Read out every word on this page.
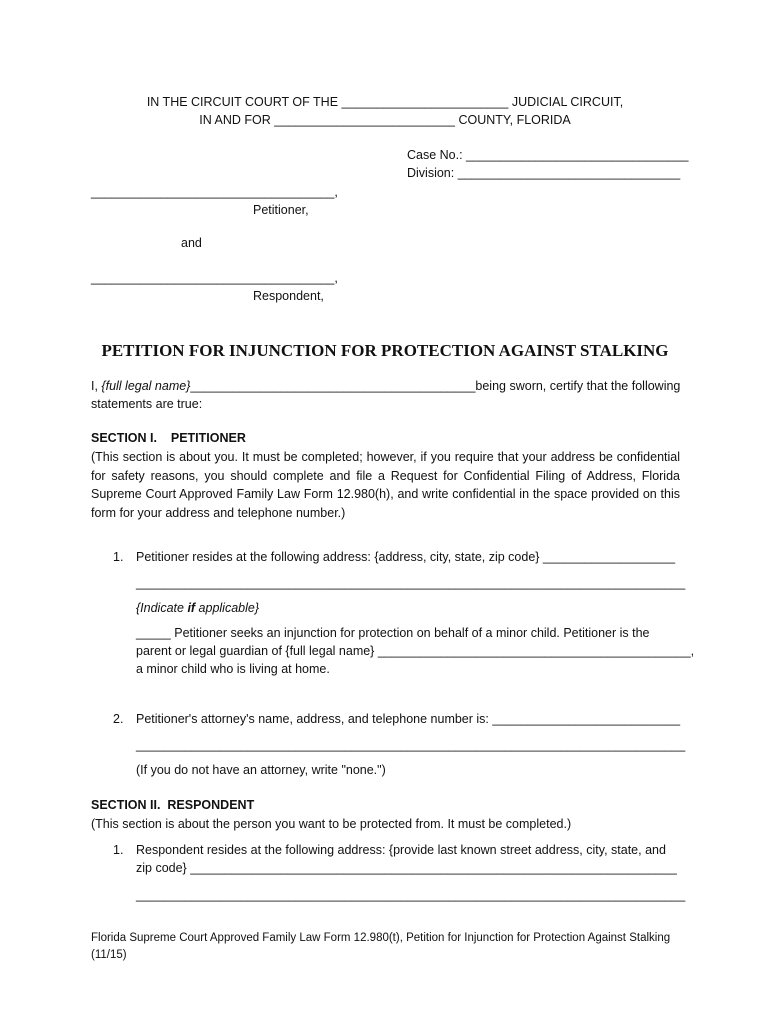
IN THE CIRCUIT COURT OF THE ________________________ JUDICIAL CIRCUIT,
IN AND FOR __________________________ COUNTY, FLORIDA
Case No.: ________________________________
Division: ________________________________
___________________________________,
Petitioner,
and
___________________________________,
Respondent,
PETITION FOR INJUNCTION FOR PROTECTION AGAINST STALKING
I, {full legal name}_________________________________________being sworn, certify that the following
statements are true:
SECTION I.    PETITIONER
(This section is about you. It must be completed; however, if you require that your address be confidential for safety reasons, you should complete and file a Request for Confidential Filing of Address, Florida Supreme Court Approved Family Law Form 12.980(h), and write confidential in the space provided on this form for your address and telephone number.)
1. Petitioner resides at the following address: {address, city, state, zip code} ___________________
_______________________________________________________________________________
{Indicate if applicable}
_____ Petitioner seeks an injunction for protection on behalf of a minor child. Petitioner is the
parent or legal guardian of {full legal name} _____________________________________________,
a minor child who is living at home.
2. Petitioner's attorney's name, address, and telephone number is: ___________________________
_______________________________________________________________________________
(If you do not have an attorney, write "none.")
SECTION II.  RESPONDENT
(This section is about the person you want to be protected from. It must be completed.)
1. Respondent resides at the following address: {provide last known street address, city, state, and
zip code} ______________________________________________________________________
_______________________________________________________________________________
Florida Supreme Court Approved Family Law Form 12.980(t), Petition for Injunction for Protection Against Stalking
(11/15)
